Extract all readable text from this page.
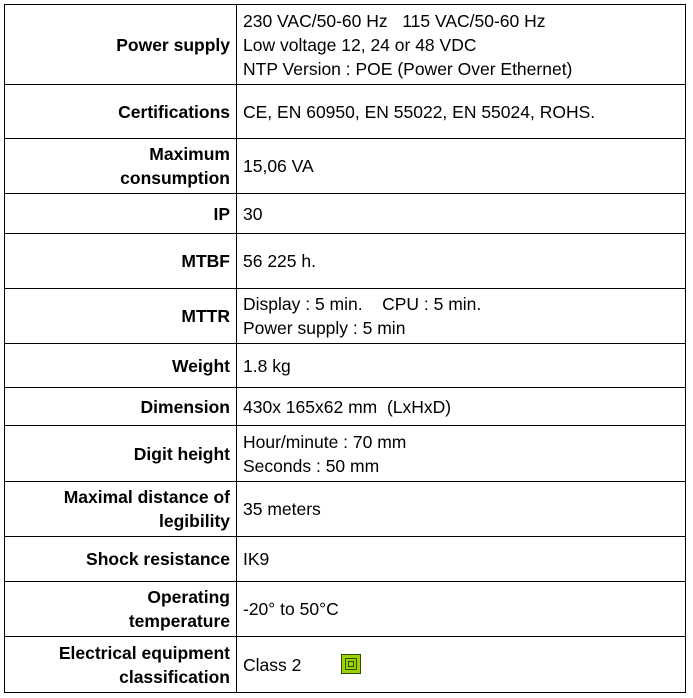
Power supply	230 VAC/50-60 Hz   115 VAC/50-60 Hz
Low voltage 12, 24 or 48 VDC
NTP Version : POE (Power Over Ethernet)

Certifications	CE, EN 60950, EN 55022, EN 55024, ROHS.

Maximum
consumption	15,06 VA

IP	30

MTBF	56 225 h.

MTTR	Display : 5 min.    CPU : 5 min.
Power supply : 5 min

Weight	1.8 kg

Dimension	430x 165x62 mm  (LxHxD)

Digit height	Hour/minute : 70 mm
Seconds : 50 mm

Maximal distance of
legibility	35 meters

Shock resistance	IK9

Operating
temperature	-20° to 50°C

Electrical equipment
classification	Class 2
